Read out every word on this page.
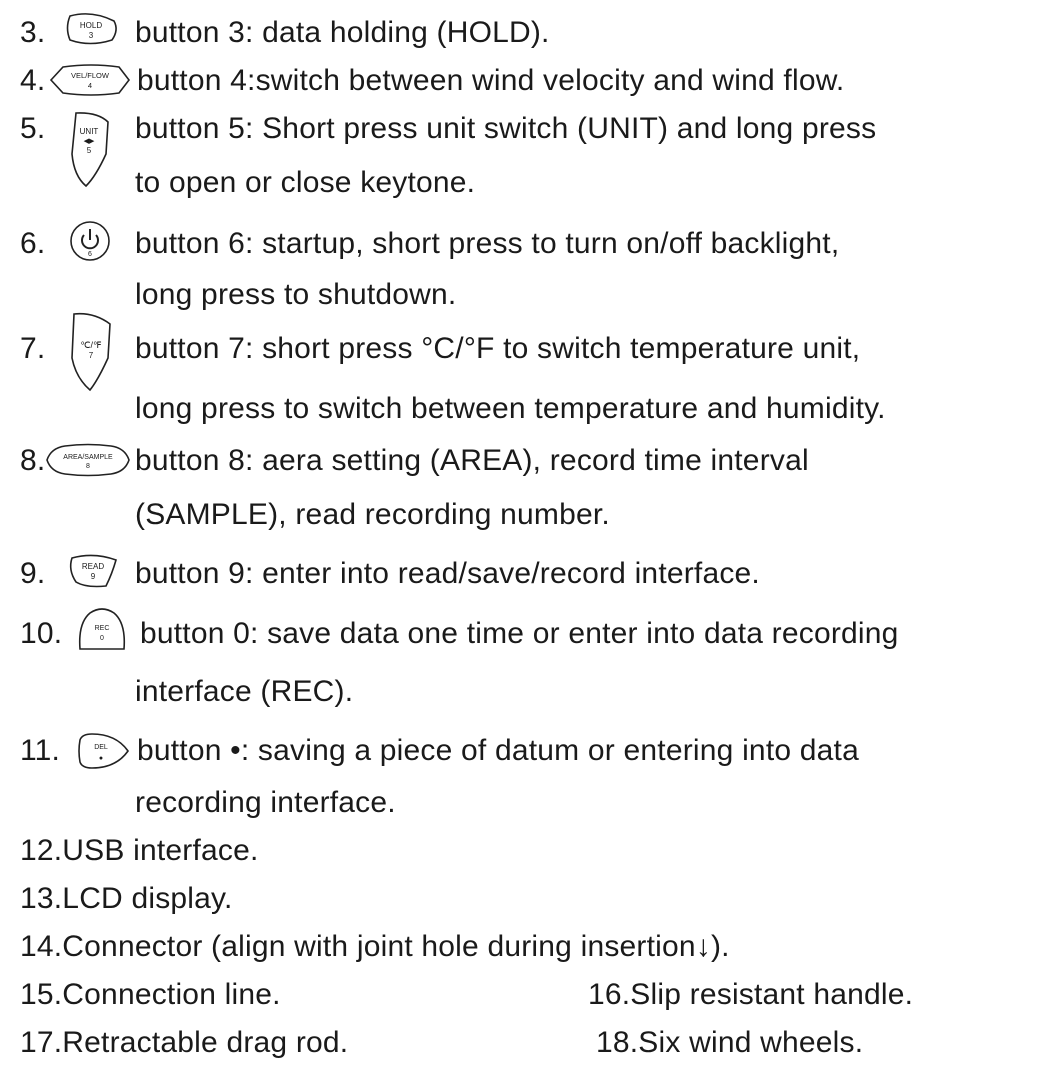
3.	HOLD
3 button 3: data holding (HOLD).
4.	VEL/FLOW
4 button 4:switch between wind velocity and wind flow.
5.	UNIT
◀▶
5
button 5: Short press unit switch (UNIT) and long press
to open or close keytone.
6.	6 button 6: startup, short press to turn on/off backlight,
long press to shutdown.
7.	℃/℉
7 button 7: short press °C/°F to switch temperature unit,
long press to switch between temperature and humidity.
8.	AREA/SAMPLE
8 button 8: aera setting (AREA), record time interval
(SAMPLE), read recording number.
9.	READ
9 button 9: enter into read/save/record interface.
10.	REC
0 button 0: save data one time or enter into data recording
interface (REC).
11.	DEL
● button •: saving a piece of datum or entering into data
recording interface.
12.USB interface.
13.LCD display.
14.Connector (align with joint hole during insertion↓).
15.Connection line.	16.Slip resistant handle.
17.Retractable drag rod.	18.Six wind wheels.
